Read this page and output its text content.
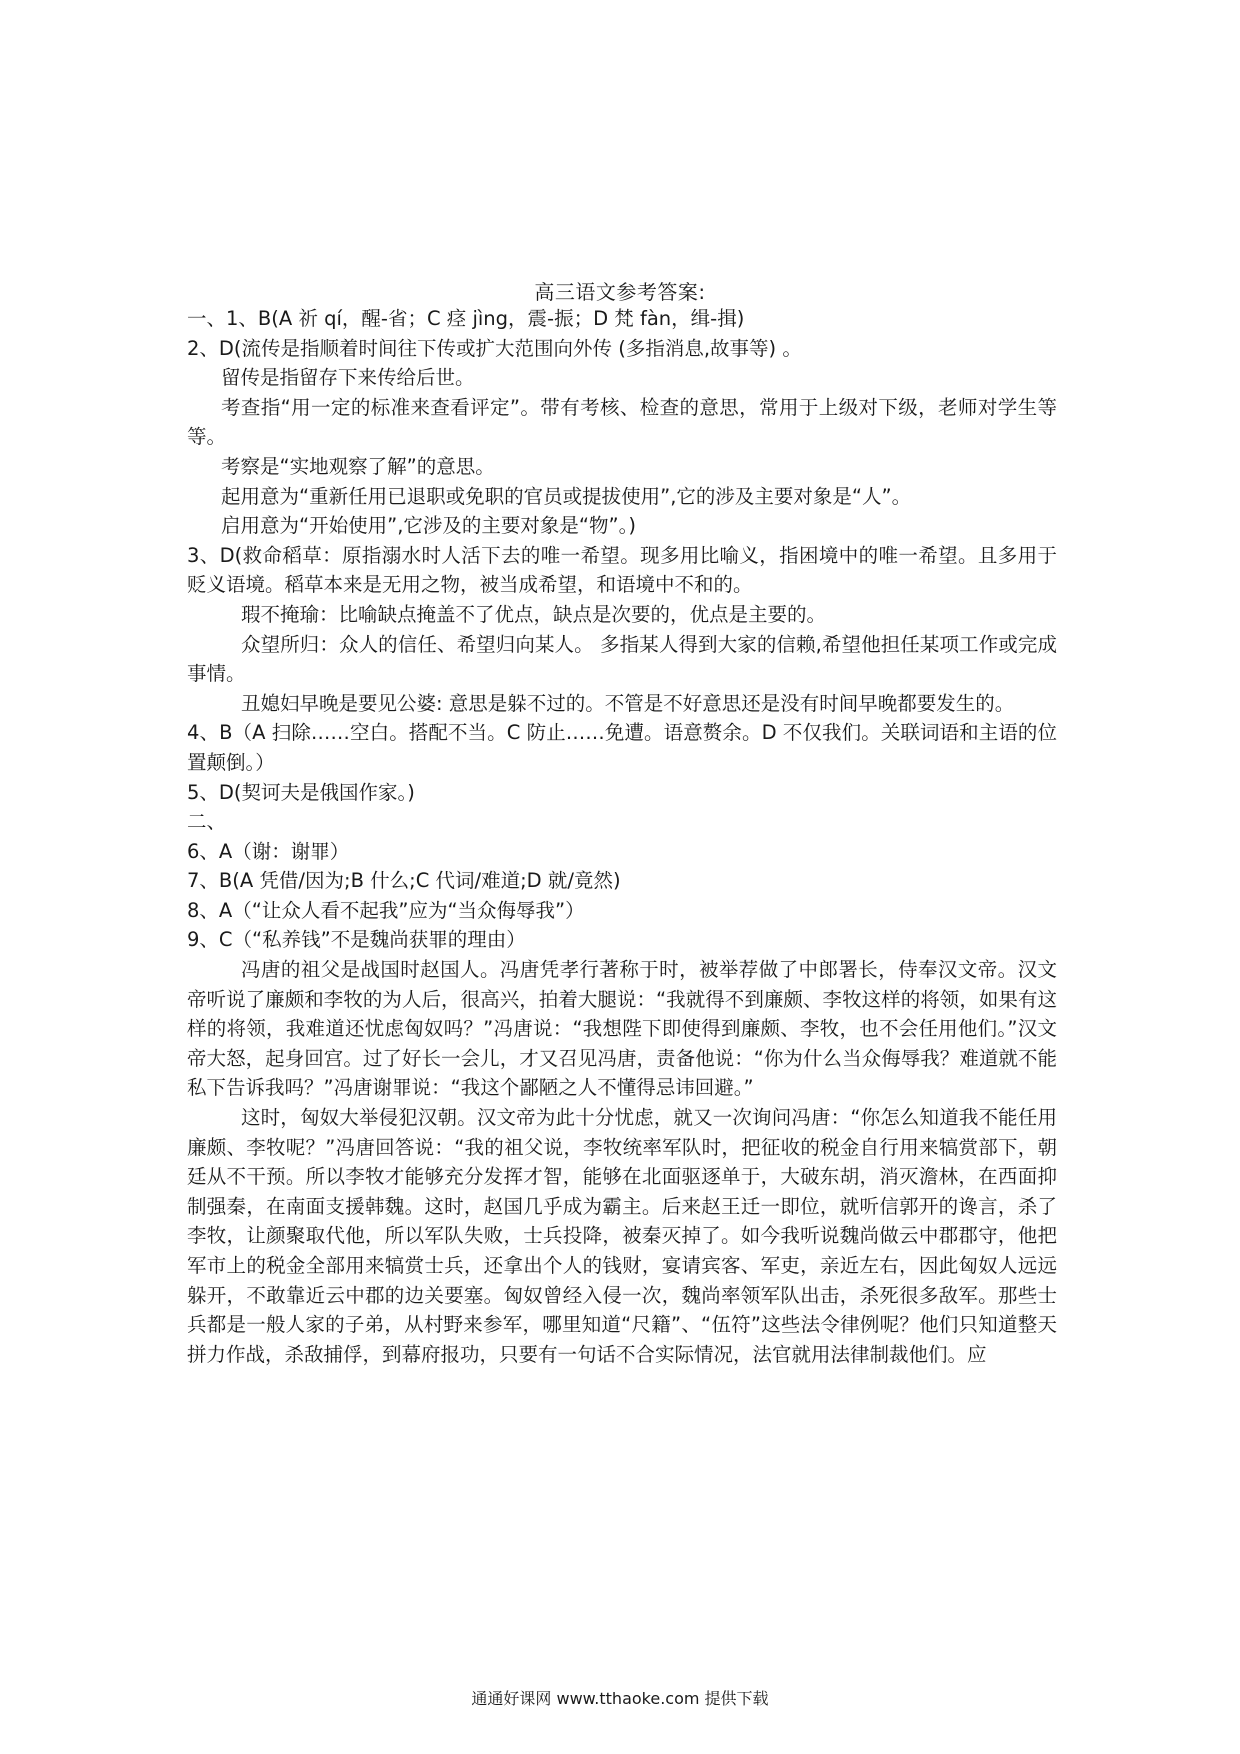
高三语文参考答案:

一、1、B(A 祈 qí，醒-省；C 痉 jìng，震-振；D 梵 fàn，缉-揖)

2、D(流传是指顺着时间往下传或扩大范围向外传 (多指消息,故事等) 。

留传是指留存下来传给后世。

考查指“用一定的标准来查看评定”。带有考核、检查的意思，常用于上级对下级，老师对学生等等。

考察是“实地观察了解”的意思。

起用意为“重新任用已退职或免职的官员或提拔使用”,它的涉及主要对象是“人”。

启用意为“开始使用”,它涉及的主要对象是“物”。)

3、D(救命稻草：原指溺水时人活下去的唯一希望。现多用比喻义，指困境中的唯一希望。且多用于贬义语境。稻草本来是无用之物，被当成希望，和语境中不和的。

瑕不掩瑜：比喻缺点掩盖不了优点，缺点是次要的，优点是主要的。

众望所归：众人的信任、希望归向某人。 多指某人得到大家的信赖,希望他担任某项工作或完成事情。

丑媳妇早晚是要见公婆: 意思是躲不过的。不管是不好意思还是没有时间早晚都要发生的。

4、B（A 扫除……空白。搭配不当。C 防止……免遭。语意赘余。D 不仅我们。关联词语和主语的位置颠倒。）

5、D(契诃夫是俄国作家。)

二、

6、A（谢：谢罪）

7、B(A 凭借/因为;B 什么;C 代词/难道;D 就/竟然)

8、A（“让众人看不起我”应为“当众侮辱我”）

9、C（“私养钱”不是魏尚获罪的理由）

冯唐的祖父是战国时赵国人。冯唐凭孝行著称于时，被举荐做了中郎署长，侍奉汉文帝。汉文帝听说了廉颇和李牧的为人后，很高兴，拍着大腿说：“我就得不到廉颇、李牧这样的将领，如果有这样的将领，我难道还忧虑匈奴吗？”冯唐说：“我想陛下即使得到廉颇、李牧，也不会任用他们。”汉文帝大怒，起身回宫。过了好长一会儿，才又召见冯唐，责备他说：“你为什么当众侮辱我？难道就不能私下告诉我吗？”冯唐谢罪说：“我这个鄙陋之人不懂得忌讳回避。”

这时，匈奴大举侵犯汉朝。汉文帝为此十分忧虑，就又一次询问冯唐：“你怎么知道我不能任用廉颇、李牧呢？”冯唐回答说：“我的祖父说，李牧统率军队时，把征收的税金自行用来犒赏部下，朝廷从不干预。所以李牧才能够充分发挥才智，能够在北面驱逐单于，大破东胡，消灭澹林，在西面抑制强秦，在南面支援韩魏。这时，赵国几乎成为霸主。后来赵王迁一即位，就听信郭开的谗言，杀了李牧，让颜聚取代他，所以军队失败，士兵投降，被秦灭掉了。如今我听说魏尚做云中郡郡守，他把军市上的税金全部用来犒赏士兵，还拿出个人的钱财，宴请宾客、军吏，亲近左右，因此匈奴人远远躲开，不敢靠近云中郡的边关要塞。匈奴曾经入侵一次，魏尚率领军队出击，杀死很多敌军。那些士兵都是一般人家的子弟，从村野来参军，哪里知道“尺籍”、“伍符”这些法令律例呢？他们只知道整天拼力作战，杀敌捕俘，到幕府报功，只要有一句话不合实际情况，法官就用法律制裁他们。应

通通好课网 www.tthaoke.com 提供下载
